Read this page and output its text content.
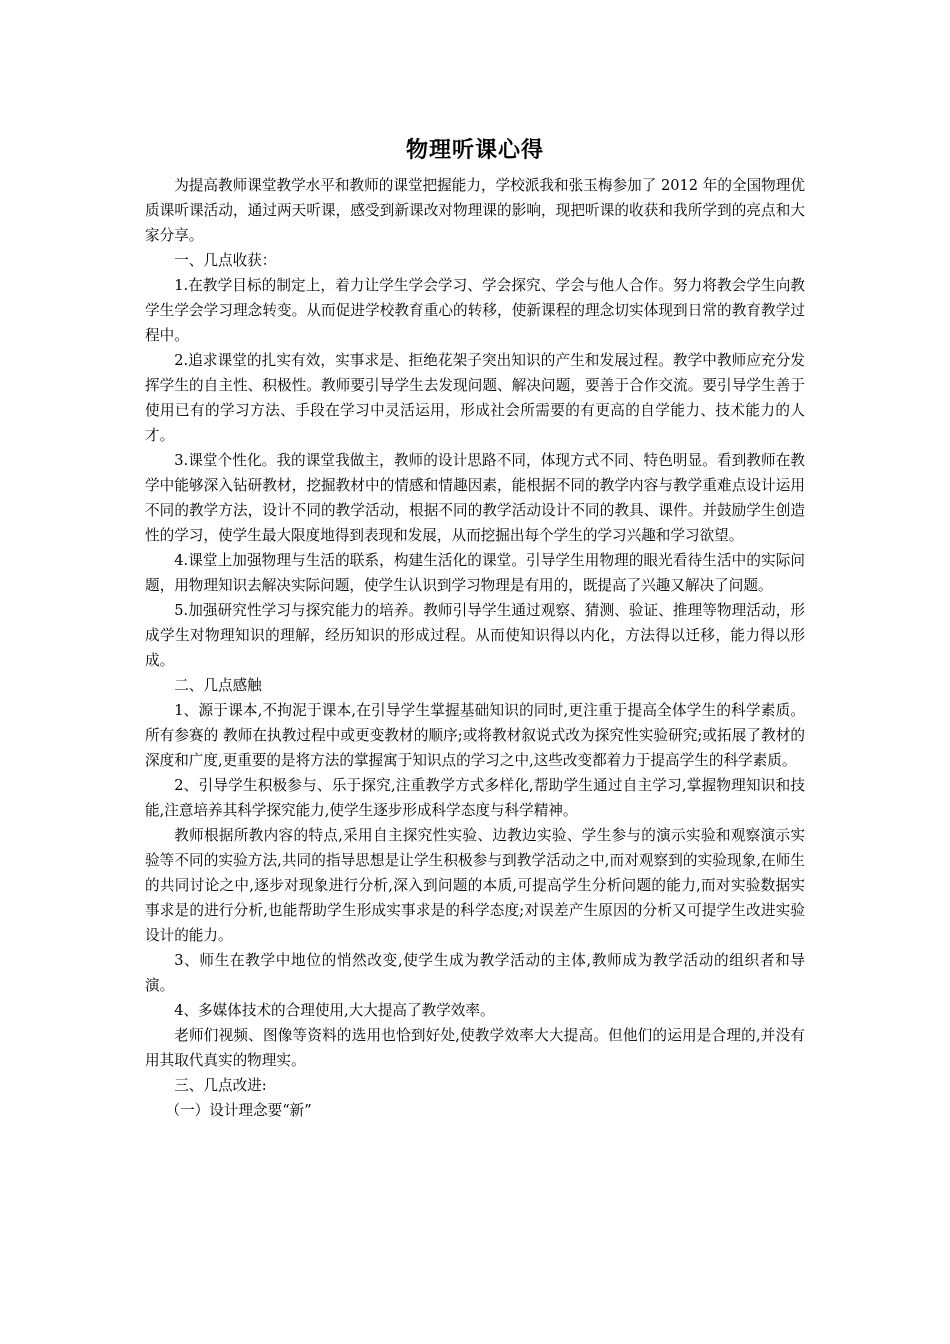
物理听课心得

为提高教师课堂教学水平和教师的课堂把握能力，学校派我和张玉梅参加了 2012 年的全国物理优质课听课活动，通过两天听课，感受到新课改对物理课的影响，现把听课的收获和我所学到的亮点和大家分享。

一、几点收获：

1.在教学目标的制定上，着力让学生学会学习、学会探究、学会与他人合作。努力将教会学生向教学生学会学习理念转变。从而促进学校教育重心的转移，使新课程的理念切实体现到日常的教育教学过程中。

2.追求课堂的扎实有效，实事求是、拒绝花架子突出知识的产生和发展过程。教学中教师应充分发挥学生的自主性、积极性。教师要引导学生去发现问题、解决问题，要善于合作交流。要引导学生善于使用已有的学习方法、手段在学习中灵活运用，形成社会所需要的有更高的自学能力、技术能力的人才。

3.课堂个性化。我的课堂我做主，教师的设计思路不同，体现方式不同、特色明显。看到教师在教学中能够深入钻研教材，挖掘教材中的情感和情趣因素，能根据不同的教学内容与教学重难点设计运用不同的教学方法，设计不同的教学活动，根据不同的教学活动设计不同的教具、课件。并鼓励学生创造性的学习，使学生最大限度地得到表现和发展，从而挖掘出每个学生的学习兴趣和学习欲望。

4.课堂上加强物理与生活的联系，构建生活化的课堂。引导学生用物理的眼光看待生活中的实际问题，用物理知识去解决实际问题，使学生认识到学习物理是有用的，既提高了兴趣又解决了问题。

5.加强研究性学习与探究能力的培养。教师引导学生通过观察、猜测、验证、推理等物理活动，形成学生对物理知识的理解，经历知识的形成过程。从而使知识得以内化，方法得以迁移，能力得以形成。

二、几点感触

1、源于课本,不拘泥于课本,在引导学生掌握基础知识的同时,更注重于提高全体学生的科学素质。所有参赛的 教师在执教过程中或更变教材的顺序;或将教材叙说式改为探究性实验研究;或拓展了教材的深度和广度,更重要的是将方法的掌握寓于知识点的学习之中,这些改变都着力于提高学生的科学素质。

2、引导学生积极参与、乐于探究,注重教学方式多样化,帮助学生通过自主学习,掌握物理知识和技能,注意培养其科学探究能力,使学生逐步形成科学态度与科学精神。

教师根据所教内容的特点,采用自主探究性实验、边教边实验、学生参与的演示实验和观察演示实验等不同的实验方法,共同的指导思想是让学生积极参与到教学活动之中,而对观察到的实验现象,在师生的共同讨论之中,逐步对现象进行分析,深入到问题的本质,可提高学生分析问题的能力,而对实验数据实事求是的进行分析,也能帮助学生形成实事求是的科学态度;对误差产生原因的分析又可提学生改进实验设计的能力。

3、师生在教学中地位的悄然改变,使学生成为教学活动的主体,教师成为教学活动的组织者和导演。

4、多媒体技术的合理使用,大大提高了教学效率。

老师们视频、图像等资料的选用也恰到好处,使教学效率大大提高。但他们的运用是合理的,并没有用其取代真实的物理实。

三、几点改进:

（一）设计理念要“新”
